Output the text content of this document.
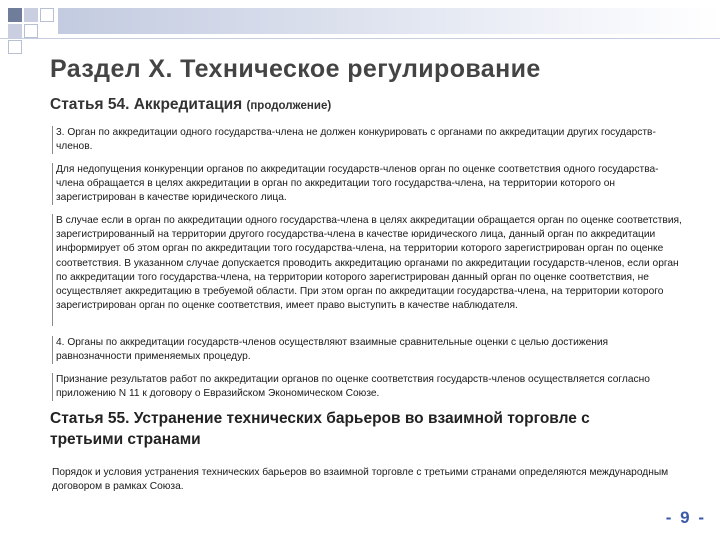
Раздел X. Техническое регулирование
Статья 54. Аккредитация (продолжение)

3. Орган по аккредитации одного государства-члена не должен конкурировать с органами по аккредитации других государств-членов.

Для недопущения конкуренции органов по аккредитации государств-членов орган по оценке соответствия одного государства-члена обращается в целях аккредитации в орган по аккредитации того государства-члена, на территории которого он зарегистрирован в качестве юридического лица.

В случае если в орган по аккредитации одного государства-члена в целях аккредитации обращается орган по оценке соответствия, зарегистрированный на территории другого государства-члена в качестве юридического лица, данный орган по аккредитации информирует об этом орган по аккредитации того государства-члена, на территории которого зарегистрирован орган по оценке соответствия. В указанном случае допускается проводить аккредитацию органами по аккредитации государств-членов, если орган по аккредитации того государства-члена, на территории которого зарегистрирован данный орган по оценке соответствия, не осуществляет аккредитацию в требуемой области. При этом орган по аккредитации государства-члена, на территории которого зарегистрирован орган по оценке соответствия, имеет право выступить в качестве наблюдателя.

4. Органы по аккредитации государств-членов осуществляют взаимные сравнительные оценки с целью достижения равнозначности применяемых процедур.

Признание результатов работ по аккредитации органов по оценке соответствия государств-членов осуществляется согласно приложению N 11 к договору о Евразийском Экономическом Союзе.

Статья 55. Устранение технических барьеров во взаимной торговле с третьими странами

Порядок и условия устранения технических барьеров во взаимной торговле с третьими странами определяются международным договором в рамках Союза.

- 9 -
